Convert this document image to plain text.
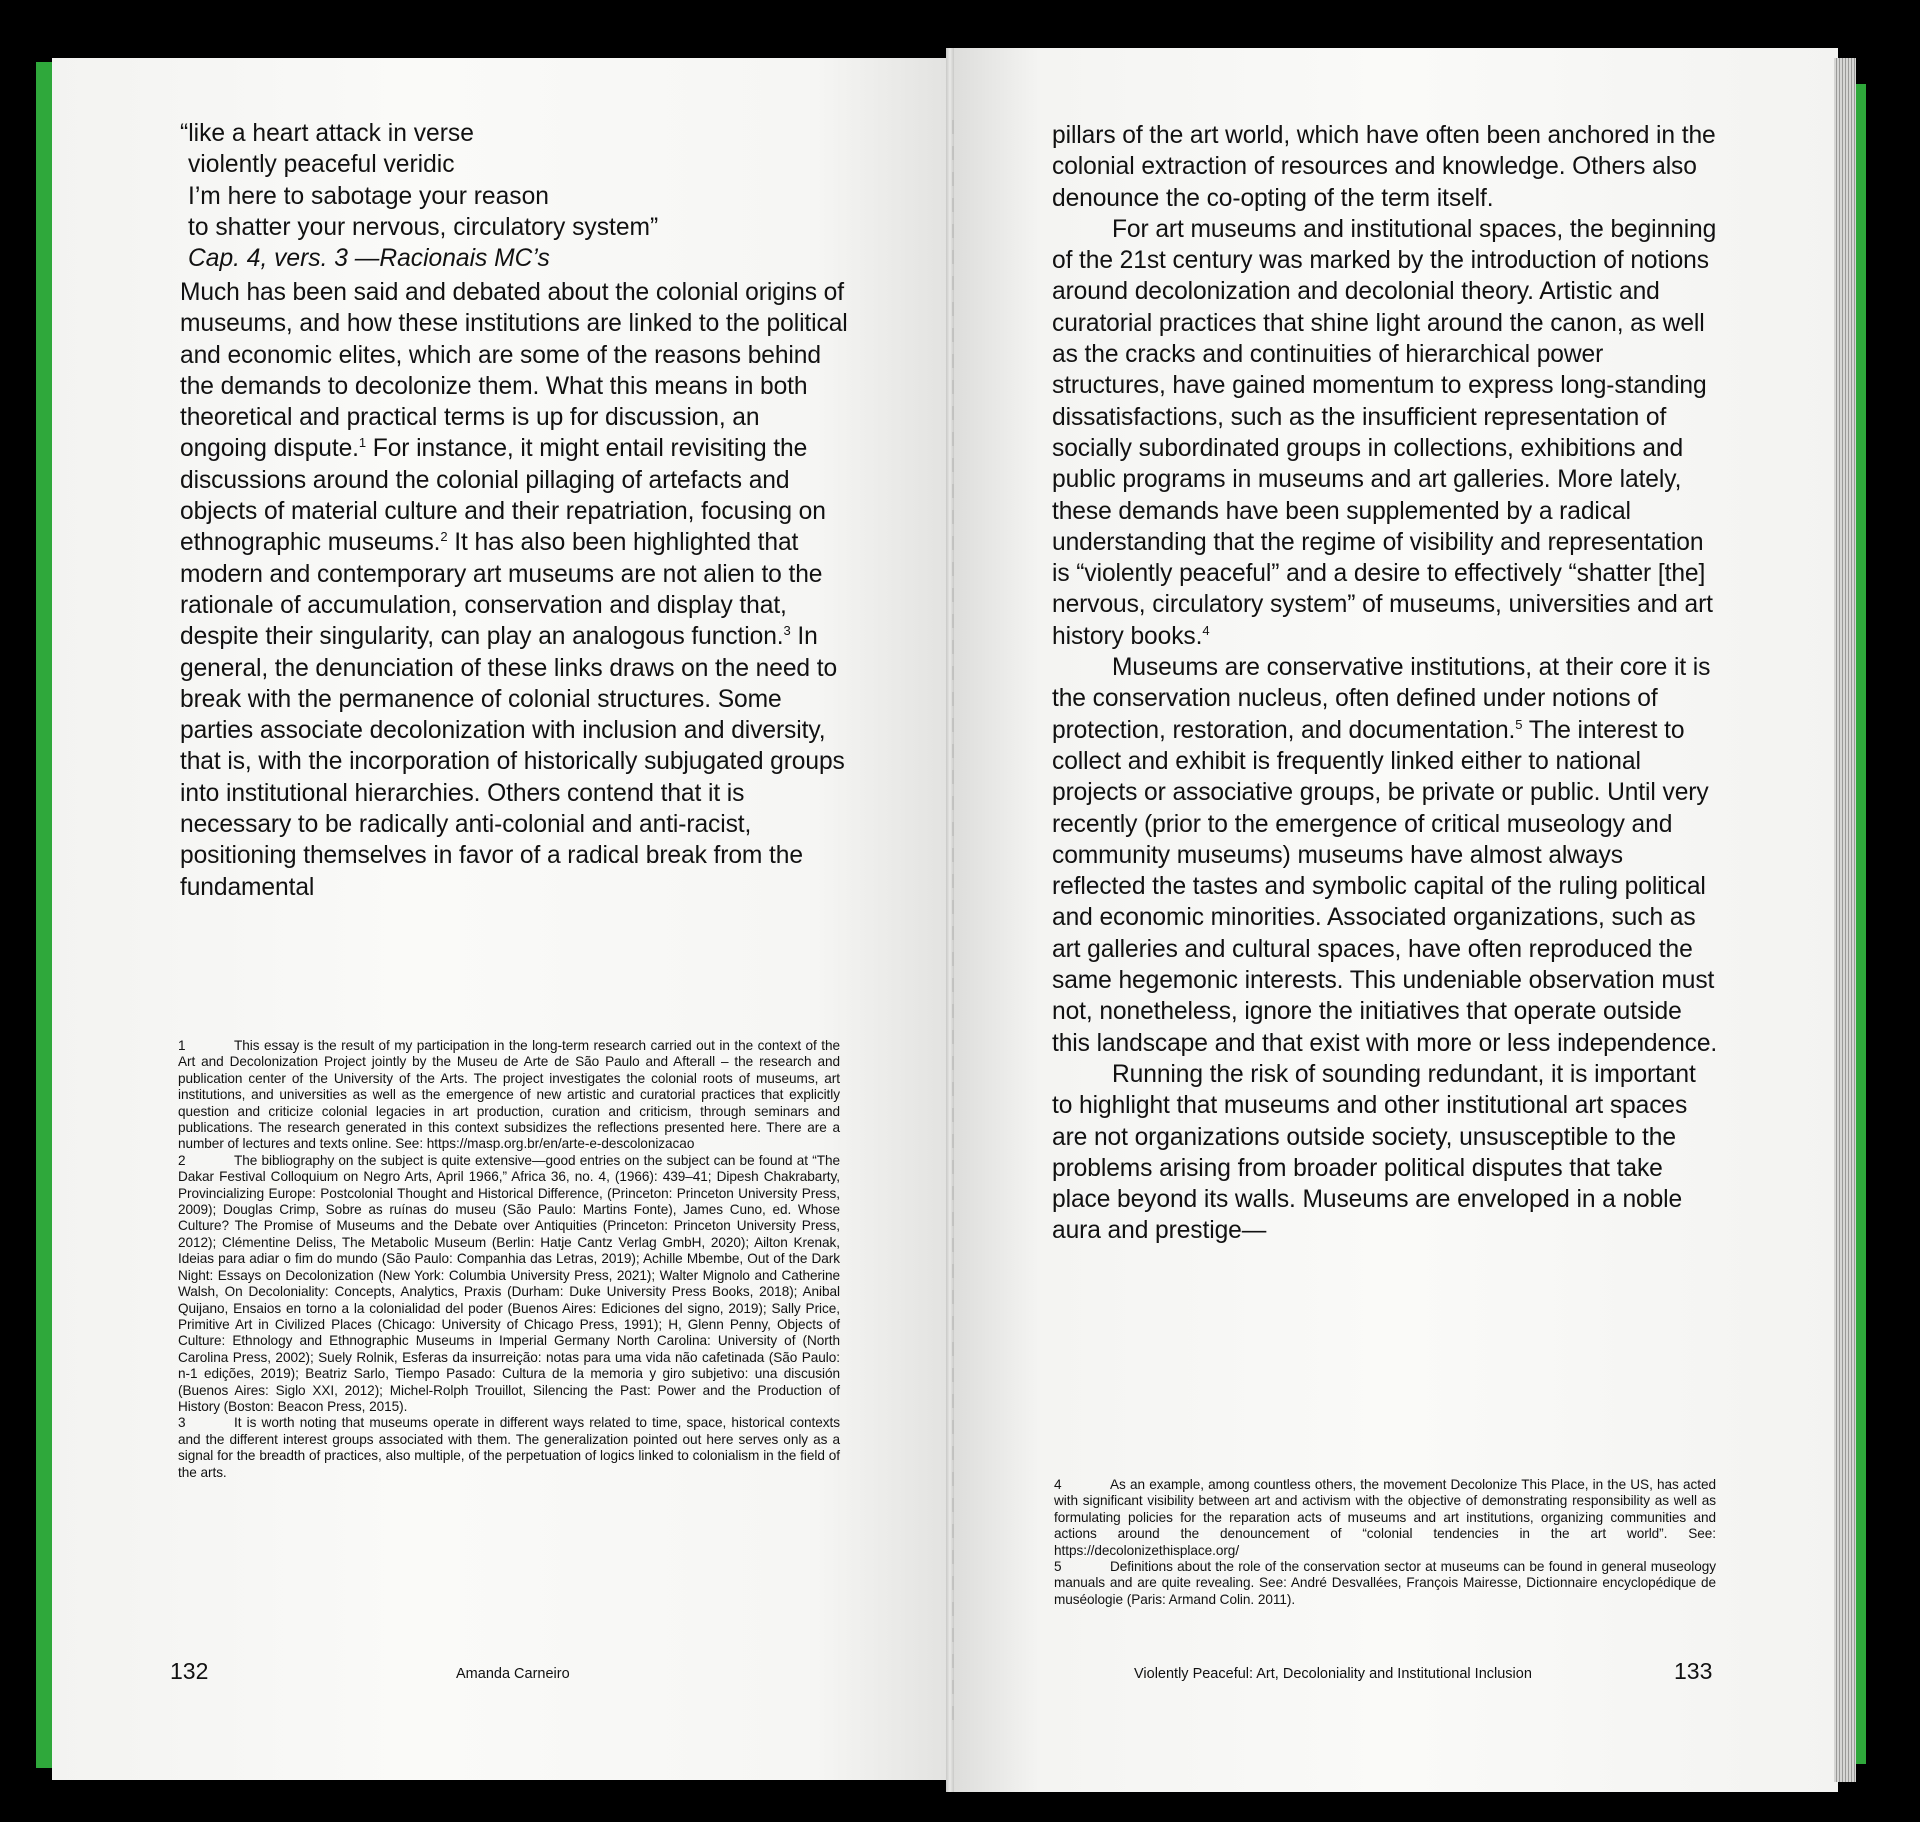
“like a heart attack in verse

violently peaceful veridic

I’m here to sabotage your reason

to shatter your nervous, circulatory system”

Cap. 4, vers. 3 —Racionais MC’s

Much has been said and debated about the colonial origins of museums, and how these institutions are linked to the political and economic elites, which are some of the reasons behind the demands to decolonize them. What this means in both theoretical and practical terms is up for discussion, an ongoing dispute.$^1$ For instance, it might entail revisiting the discussions around the colonial pillaging of artefacts and objects of material culture and their repatriation, focusing on ethnographic museums.$^2$ It has also been highlighted that modern and contemporary art museums are not alien to the rationale of accumulation, conservation and display that, despite their singularity, can play an analogous function.$^3$ In general, the denunciation of these links draws on the need to break with the permanence of colonial structures. Some parties associate decolonization with inclusion and diversity, that is, with the incorporation of historically subjugated groups into institutional hierarchies. Others contend that it is necessary to be radically anti-colonial and anti-racist, positioning themselves in favor of a radical break from the fundamental

1	This essay is the result of my participation in the long-term research carried out in the context of the Art and Decolonization Project jointly by the Museu de Arte de São Paulo and Afterall – the research and publication center of the University of the Arts. The project investigates the colonial roots of museums, art institutions, and universities as well as the emergence of new artistic and curatorial practices that explicitly question and criticize colonial legacies in art production, curation and criticism, through seminars and publications. The research generated in this context subsidizes the reflections presented here. There are a number of lectures and texts online. See: https://masp.org.br/en/arte-e-descolonizacao

2	The bibliography on the subject is quite extensive—good entries on the subject can be found at “The Dakar Festival Colloquium on Negro Arts, April 1966,” Africa 36, no. 4, (1966): 439–41; Dipesh Chakrabarty, Provincializing Europe: Postcolonial Thought and Historical Difference, (Princeton: Princeton University Press, 2009); Douglas Crimp, Sobre as ruínas do museu (São Paulo: Martins Fonte), James Cuno, ed. Whose Culture? The Promise of Museums and the Debate over Antiquities (Princeton: Princeton University Press, 2012); Clémentine Deliss, The Metabolic Museum (Berlin: Hatje Cantz Verlag GmbH, 2020); Ailton Krenak, Ideias para adiar o fim do mundo (São Paulo: Companhia das Letras, 2019); Achille Mbembe, Out of the Dark Night: Essays on Decolonization (New York: Columbia University Press, 2021); Walter Mignolo and Catherine Walsh, On Decoloniality: Concepts, Analytics, Praxis (Durham: Duke University Press Books, 2018); Anibal Quijano, Ensaios en torno a la colonialidad del poder (Buenos Aires: Ediciones del signo, 2019); Sally Price, Primitive Art in Civilized Places (Chicago: University of Chicago Press, 1991); H, Glenn Penny, Objects of Culture: Ethnology and Ethnographic Museums in Imperial Germany North Carolina: University of (North Carolina Press, 2002); Suely Rolnik, Esferas da insurreição: notas para uma vida não cafetinada (São Paulo: n-1 edições, 2019); Beatriz Sarlo, Tiempo Pasado: Cultura de la memoria y giro subjetivo: una discusión (Buenos Aires: Siglo XXI, 2012); Michel-Rolph Trouillot, Silencing the Past: Power and the Production of History (Boston: Beacon Press, 2015).

3	It is worth noting that museums operate in different ways related to time, space, historical contexts and the different interest groups associated with them. The generalization pointed out here serves only as a signal for the breadth of practices, also multiple, of the perpetuation of logics linked to colonialism in the field of the arts.

132	Amanda Carneiro

pillars of the art world, which have often been anchored in the colonial extraction of resources and knowledge. Others also denounce the co-opting of the term itself.

For art museums and institutional spaces, the beginning of the 21st century was marked by the introduction of notions around decolonization and decolonial theory. Artistic and curatorial practices that shine light around the canon, as well as the cracks and continuities of hierarchical power structures, have gained momentum to express long-standing dissatisfactions, such as the insufficient representation of socially subordinated groups in collections, exhibitions and public programs in museums and art galleries. More lately, these demands have been supplemented by a radical understanding that the regime of visibility and representation is “violently peaceful” and a desire to effectively “shatter [the] nervous, circulatory system” of museums, universities and art history books.$^4$

Museums are conservative institutions, at their core it is the conservation nucleus, often defined under notions of protection, restoration, and documentation.$^5$ The interest to collect and exhibit is frequently linked either to national projects or associative groups, be private or public. Until very recently (prior to the emergence of critical museology and community museums) museums have almost always reflected the tastes and symbolic capital of the ruling political and economic minorities. Associated organizations, such as art galleries and cultural spaces, have often reproduced the same hegemonic interests. This undeniable observation must not, nonetheless, ignore the initiatives that operate outside this landscape and that exist with more or less independence.

Running the risk of sounding redundant, it is important to highlight that museums and other institutional art spaces are not organizations outside society, unsusceptible to the problems arising from broader political disputes that take place beyond its walls. Museums are enveloped in a noble aura and prestige—

4	As an example, among countless others, the movement Decolonize This Place, in the US, has acted with significant visibility between art and activism with the objective of demonstrating responsibility as well as formulating policies for the reparation acts of museums and art institutions, organizing communities and actions around the denouncement of “colonial tendencies in the art world”. See: https://decolonizethisplace.org/

5	Definitions about the role of the conservation sector at museums can be found in general museology manuals and are quite revealing. See: André Desvallées, François Mairesse, Dictionnaire encyclopédique de muséologie (Paris: Armand Colin. 2011).

Violently Peaceful: Art, Decoloniality and Institutional Inclusion	133
